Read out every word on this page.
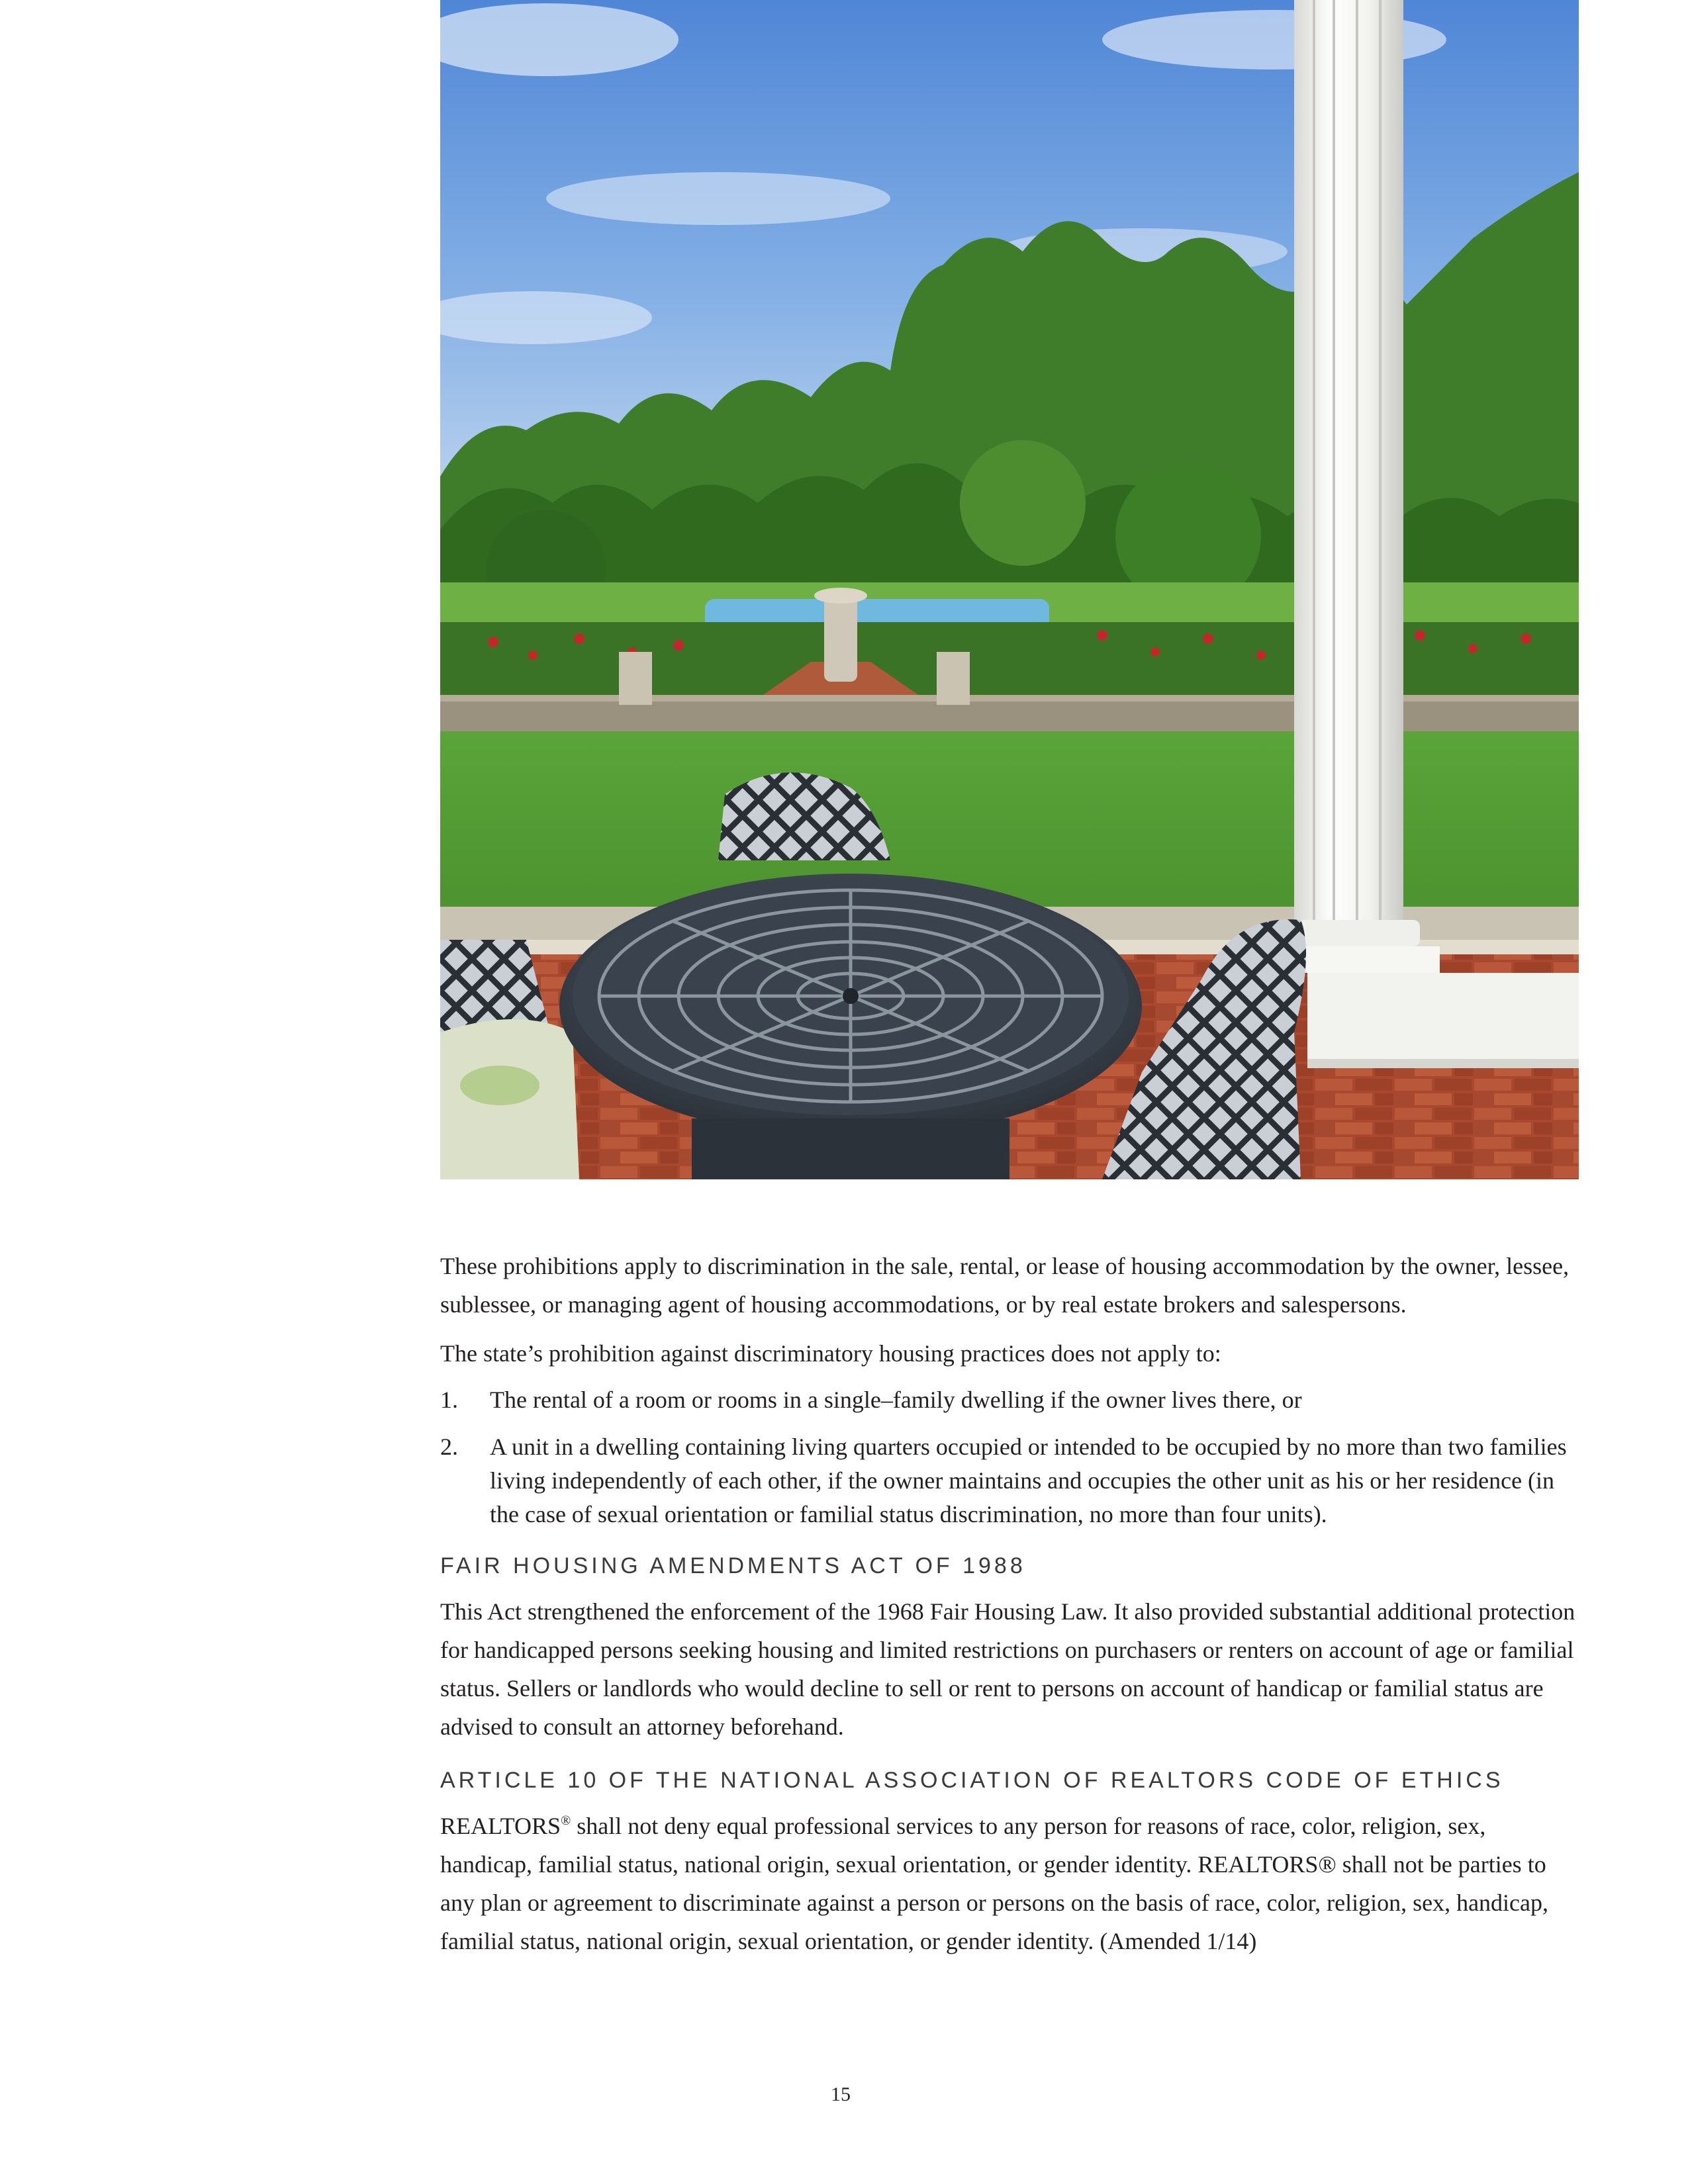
These prohibitions apply to discrimination in the sale, rental, or lease of housing accommodation by the owner, lessee, sublessee, or managing agent of housing accommodations, or by real estate brokers and salespersons.

The state’s prohibition against discriminatory housing practices does not apply to:

1.	The rental of a room or rooms in a single–family dwelling if the owner lives there, or
2.	A unit in a dwelling containing living quarters occupied or intended to be occupied by no more than two families living independently of each other, if the owner maintains and occupies the other unit as his or her residence (in the case of sexual orientation or familial status discrimination, no more than four units).
FAIR HOUSING AMENDMENTS ACT OF 1988

This Act strengthened the enforcement of the 1968 Fair Housing Law. It also provided substantial additional protection for handicapped persons seeking housing and limited restrictions on purchasers or renters on account of age or familial status. Sellers or landlords who would decline to sell or rent to persons on account of handicap or familial status are advised to consult an attorney beforehand.

ARTICLE 10 OF THE NATIONAL ASSOCIATION OF REALTORS CODE OF ETHICS

REALTORS® shall not deny equal professional services to any person for reasons of race, color, religion, sex, handicap, familial status, national origin, sexual orientation, or gender identity. REALTORS® shall not be parties to any plan or agreement to discriminate against a person or persons on the basis of race, color, religion, sex, handicap, familial status, national origin, sexual orientation, or gender identity. (Amended 1/14)

15
